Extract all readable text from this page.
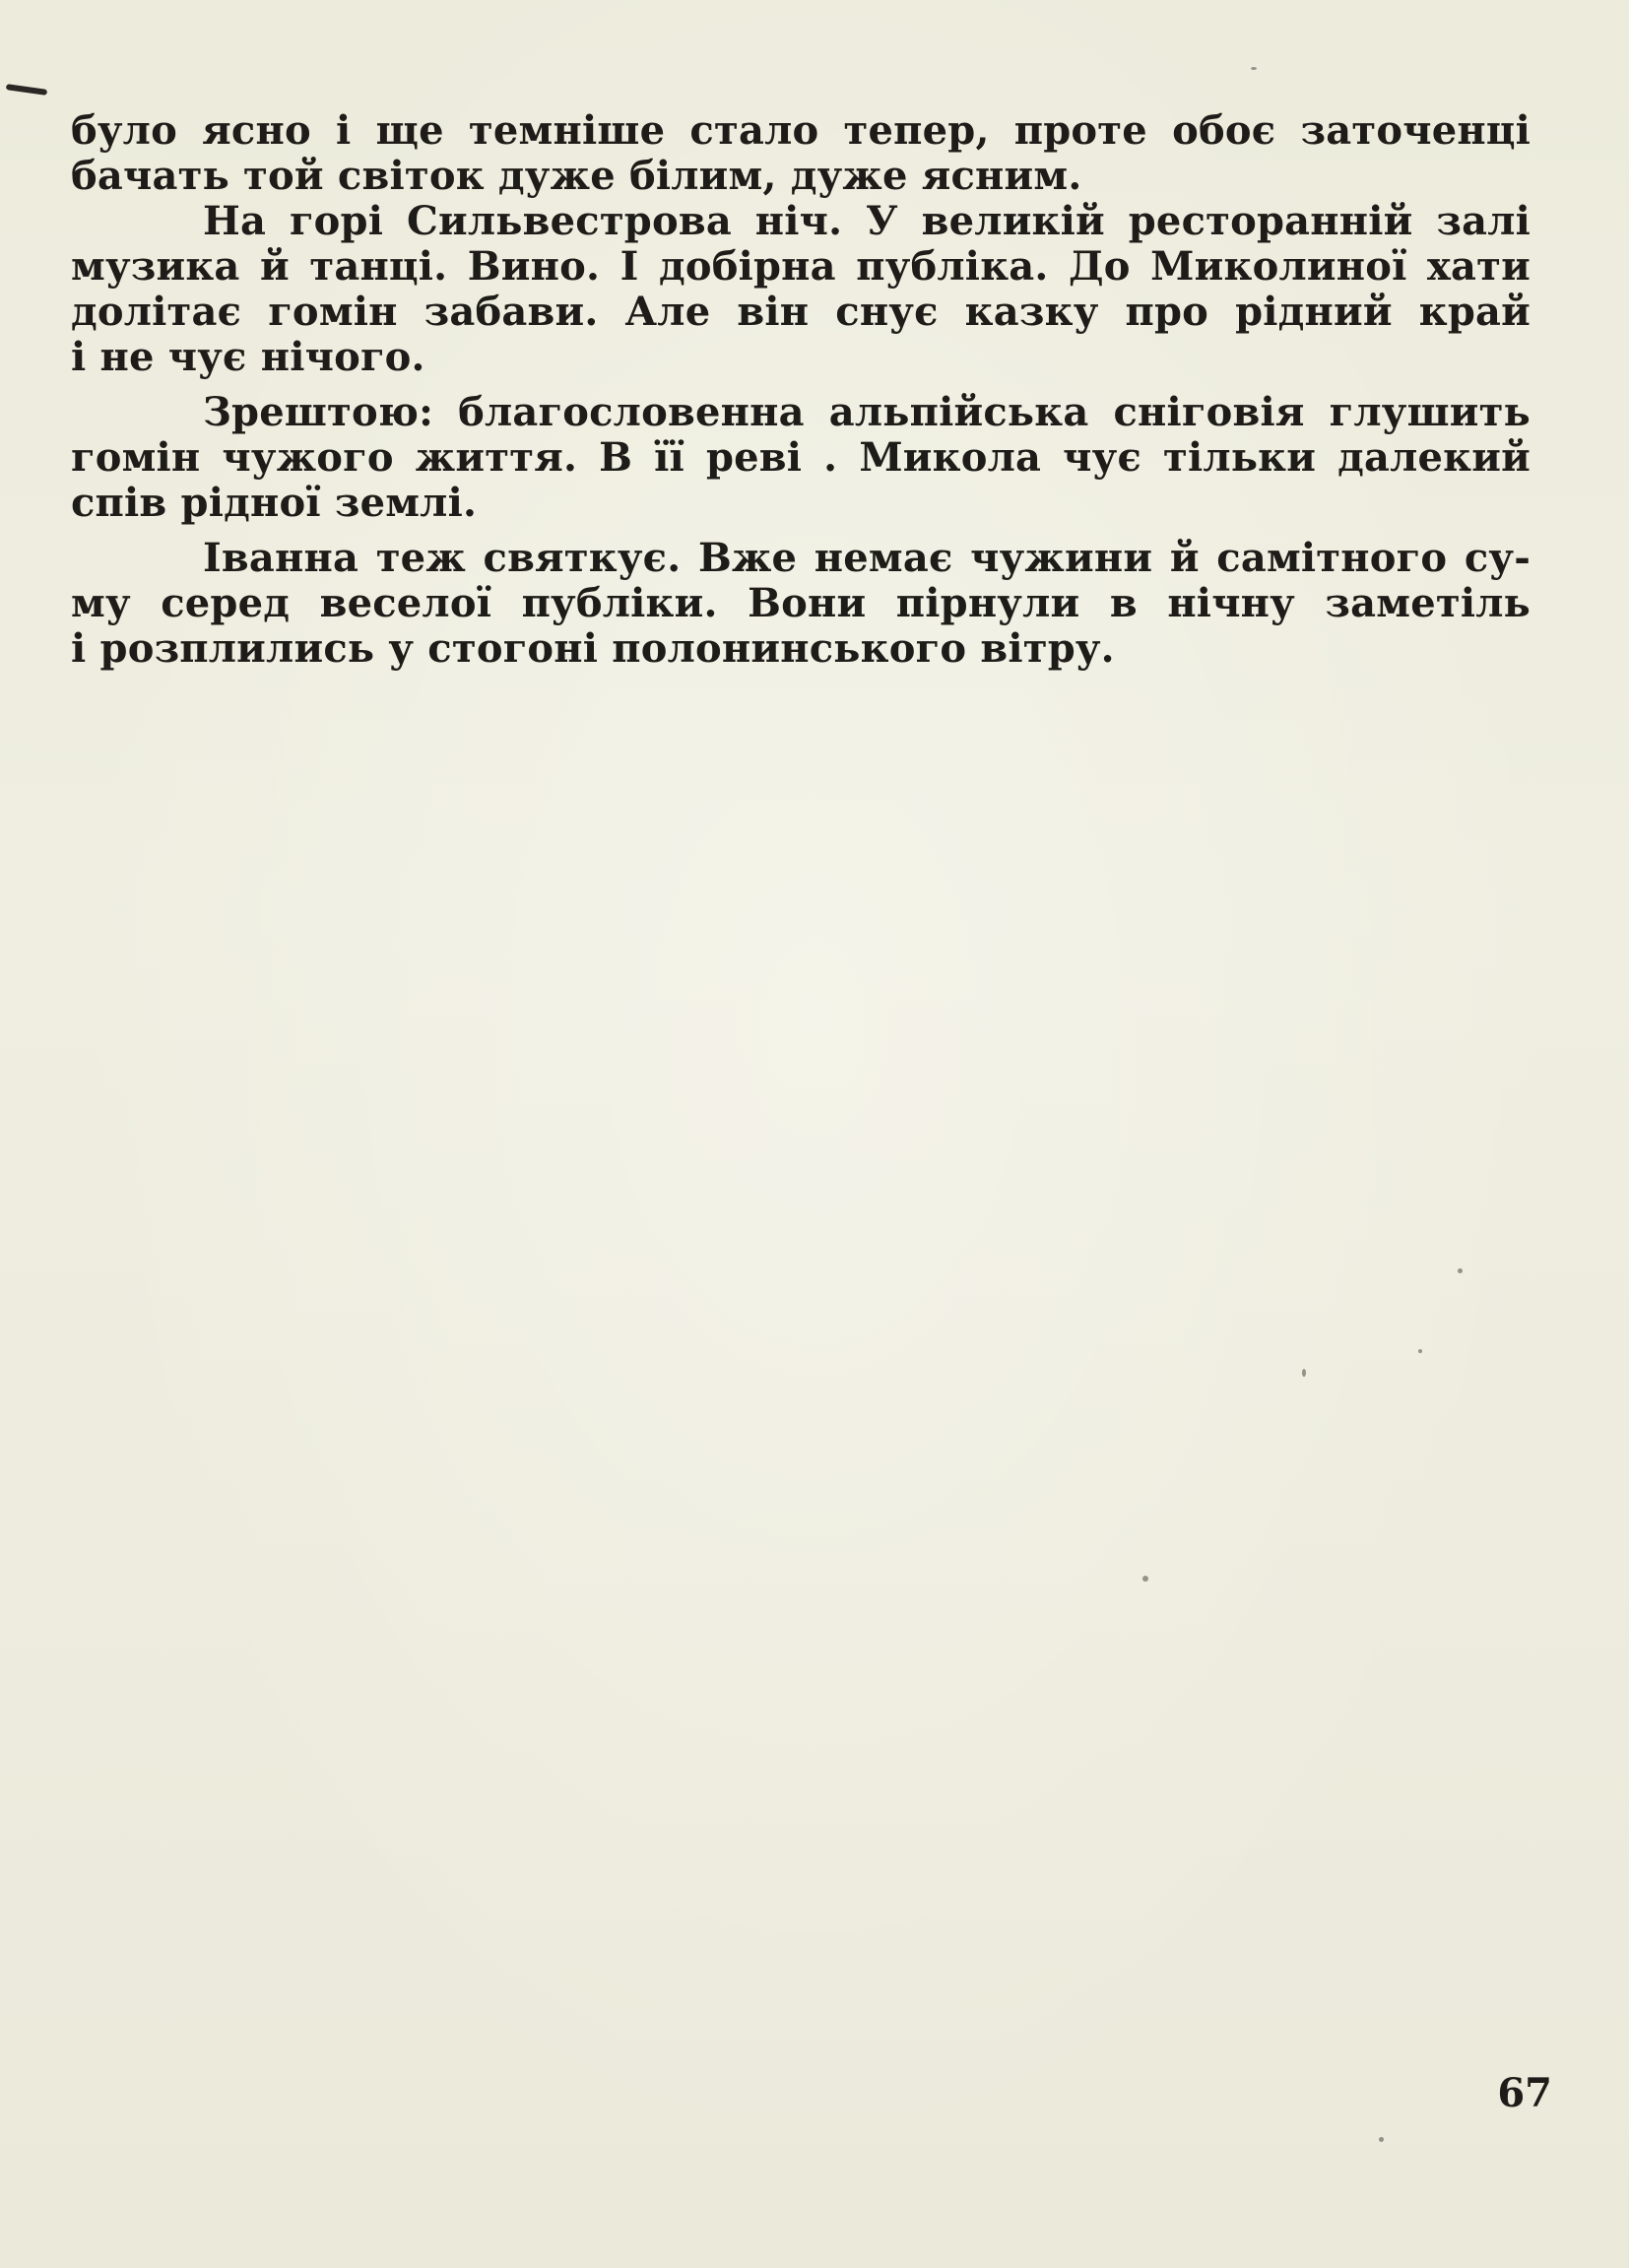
було ясно і ще темніше стало тепер, проте обоє заточенці
бачать той світок дуже білим, дуже ясним.
На горі Сильвестрова ніч. У великій ресторанній залі
музика й танці. Вино. І добірна публіка. До Миколиної хати
долітає гомін забави. Але він снує казку про рідний край
і не чує нічого.
Зрештою: благословенна альпійська сніговія глушить
гомін чужого життя. В її реві . Микола чує тільки далекий
спів рідної землі.
Іванна теж святкує. Вже немає чужини й самітного су-
му серед веселої публіки. Вони пірнули в нічну заметіль
і розплились у стогоні полонинського вітру.
67
